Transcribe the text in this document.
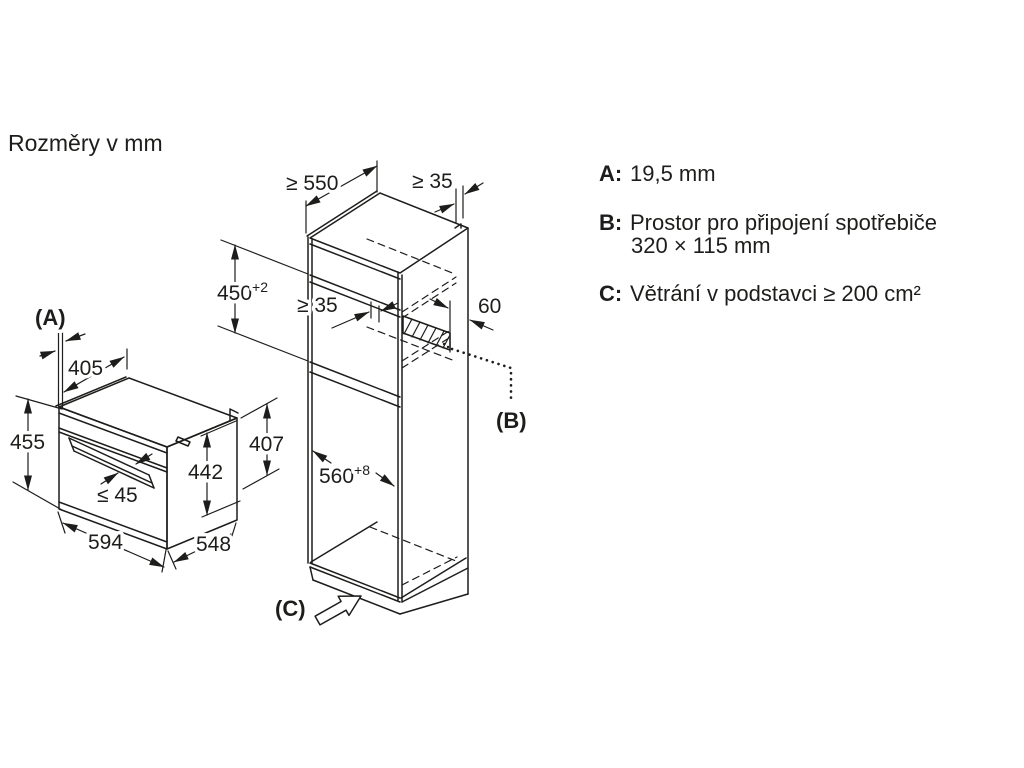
Rozměry v mm
(A)
405
455
≤ 45
594	548
442
407
≥ 550	≥ 35
$450^{+2}$
≥ 35	60
$560^{+8}$
(B)
(C)
A: 19,5 mm
B: Prostor pro připojení spotřebiče
320 × 115 mm
C: Větrání v podstavci ≥ 200 cm²
